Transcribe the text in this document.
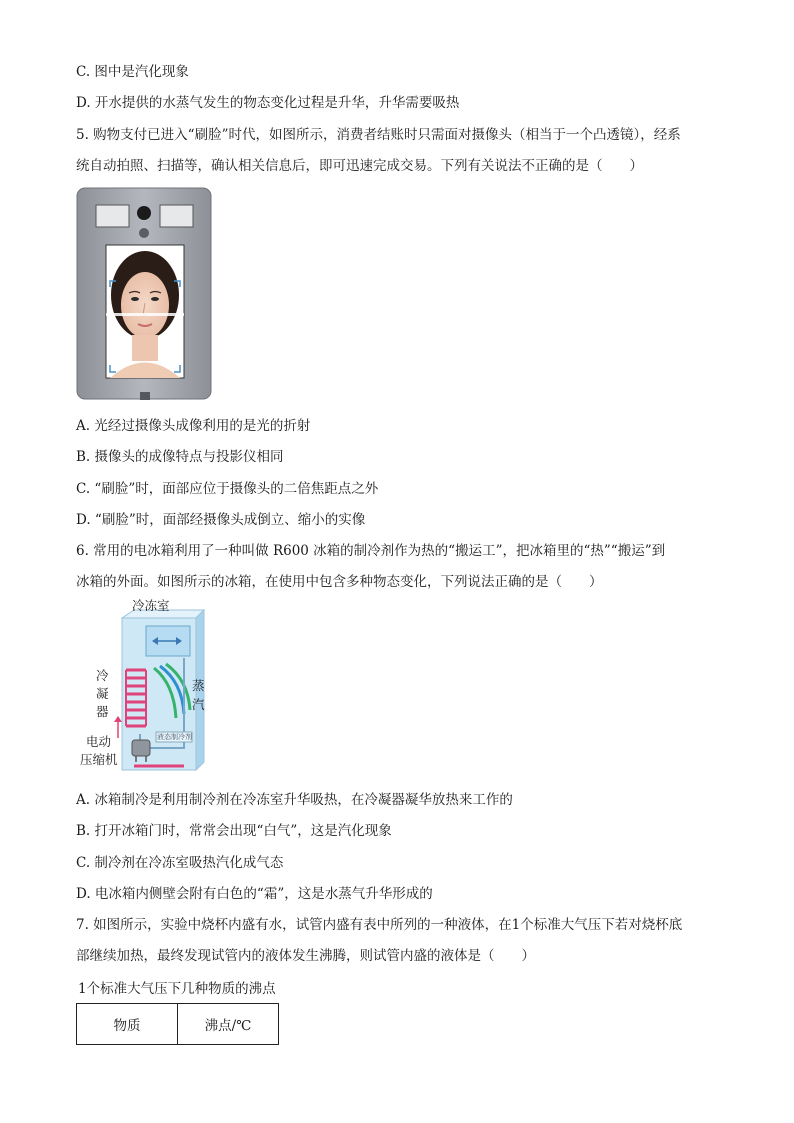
C. 图中是汽化现象
D. 开水提供的水蒸气发生的物态变化过程是升华，升华需要吸热
5. 购物支付已进入“刷脸”时代，如图所示，消费者结账时只需面对摄像头（相当于一个凸透镜），经系
统自动拍照、扫描等，确认相关信息后，即可迅速完成交易。下列有关说法不正确的是（　　）
A. 光经过摄像头成像利用的是光的折射
B. 摄像头的成像特点与投影仪相同
C. “刷脸”时，面部应位于摄像头的二倍焦距点之外
D. “刷脸”时，面部经摄像头成倒立、缩小的实像
6. 常用的电冰箱利用了一种叫做 R600 冰箱的制冷剂作为热的“搬运工”，把冰箱里的“热”“搬运”到
冰箱的外面。如图所示的冰箱，在使用中包含多种物态变化，下列说法正确的是（　　）
冷冻室
冷
凝
器
蒸
汽
电动
压缩机
液态制冷剂
A. 冰箱制冷是利用制冷剂在冷冻室升华吸热，在冷凝器凝华放热来工作的
B. 打开冰箱门时，常常会出现“白气”，这是汽化现象
C. 制冷剂在冷冻室吸热汽化成气态
D. 电冰箱内侧壁会附有白色的“霜”，这是水蒸气升华形成的
7. 如图所示，实验中烧杯内盛有水，试管内盛有表中所列的一种液体，在1个标准大气压下若对烧杯底
部继续加热，最终发现试管内的液体发生沸腾，则试管内盛的液体是（　　）
1个标准大气压下几种物质的沸点
物质	沸点/℃
